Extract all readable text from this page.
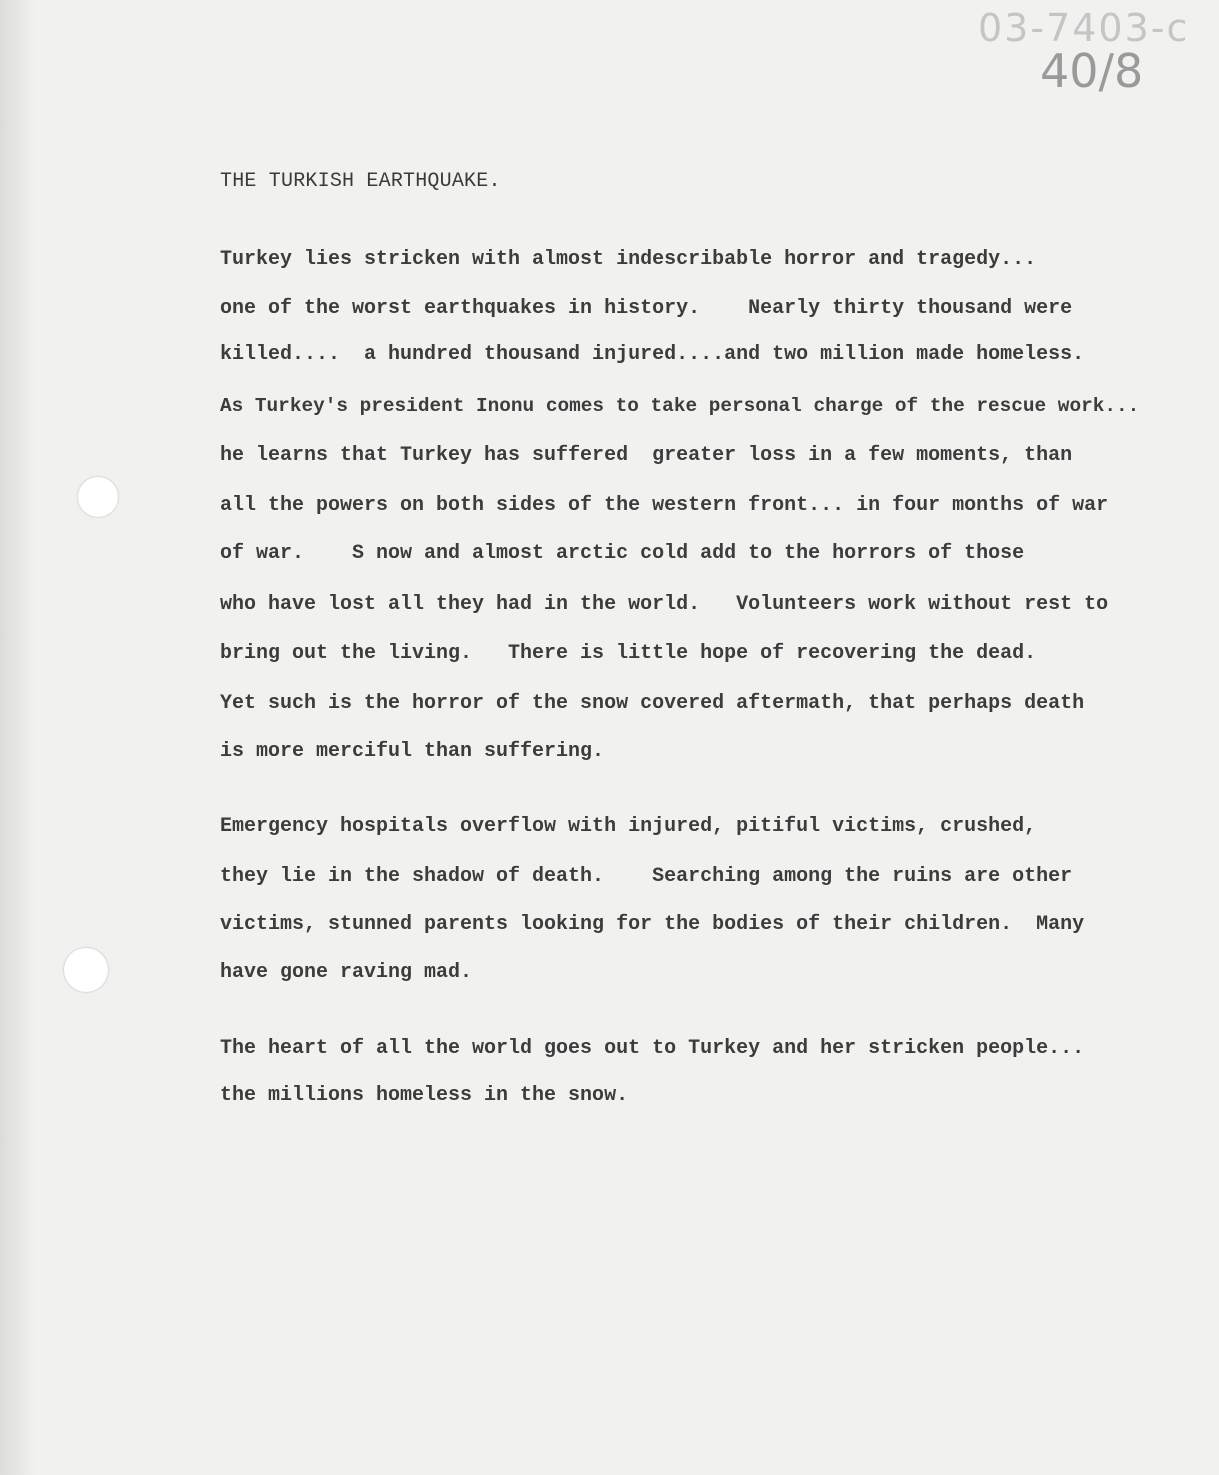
03-7403-c
40/8
THE TURKISH EARTHQUAKE.

Turkey lies stricken with almost indescribable horror and tragedy...

one of the worst earthquakes in history.    Nearly thirty thousand were

killed....  a hundred thousand injured....and two million made homeless.

As Turkey's president Inonu comes to take personal charge of the rescue work...

he learns that Turkey has suffered  greater loss in a few moments, than

all the powers on both sides of the western front... in four months of war

of war.    S now and almost arctic cold add to the horrors of those

who have lost all they had in the world.   Volunteers work without rest to

bring out the living.   There is little hope of recovering the dead.

Yet such is the horror of the snow covered aftermath, that perhaps death

is more merciful than suffering.

Emergency hospitals overflow with injured, pitiful victims, crushed,

they lie in the shadow of death.    Searching among the ruins are other

victims, stunned parents looking for the bodies of their children.  Many

have gone raving mad.

The heart of all the world goes out to Turkey and her stricken people...

the millions homeless in the snow.
